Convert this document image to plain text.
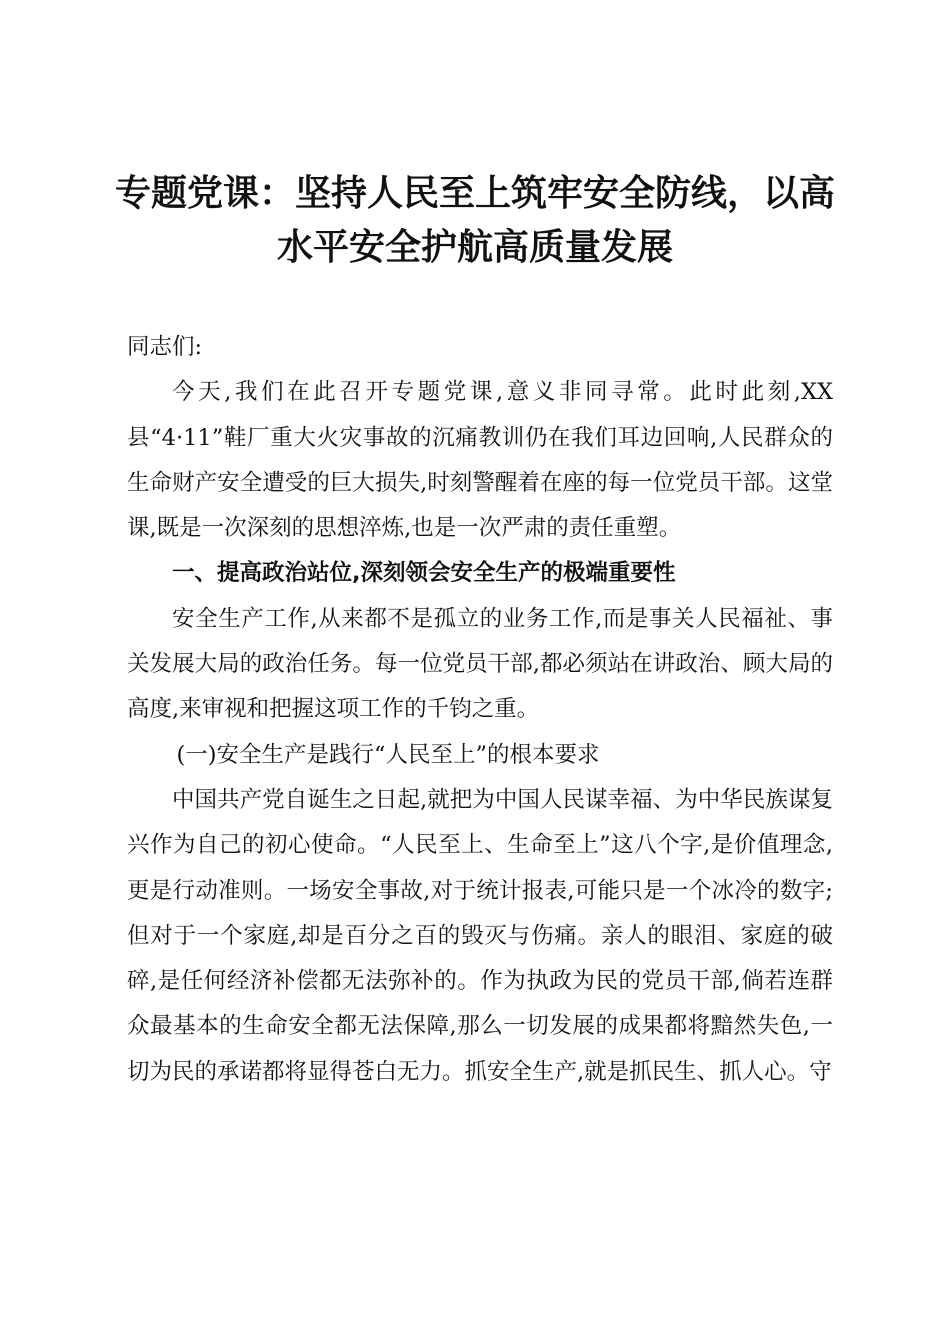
专题党课：坚持人民至上筑牢安全防线，以高
水平安全护航高质量发展

同志们:

今天,我们在此召开专题党课,意义非同寻常。此时此刻,XX县“4·11”鞋厂重大火灾事故的沉痛教训仍在我们耳边回响,人民群众的生命财产安全遭受的巨大损失,时刻警醒着在座的每一位党员干部。这堂课,既是一次深刻的思想淬炼,也是一次严肃的责任重塑。

一、提高政治站位,深刻领会安全生产的极端重要性

安全生产工作,从来都不是孤立的业务工作,而是事关人民福祉、事关发展大局的政治任务。每一位党员干部,都必须站在讲政治、顾大局的高度,来审视和把握这项工作的千钧之重。

(一)安全生产是践行“人民至上”的根本要求

中国共产党自诞生之日起,就把为中国人民谋幸福、为中华民族谋复兴作为自己的初心使命。“人民至上、生命至上”这八个字,是价值理念,更是行动准则。一场安全事故,对于统计报表,可能只是一个冰冷的数字;但对于一个家庭,却是百分之百的毁灭与伤痛。亲人的眼泪、家庭的破碎,是任何经济补偿都无法弥补的。作为执政为民的党员干部,倘若连群众最基本的生命安全都无法保障,那么一切发展的成果都将黯然失色,一切为民的承诺都将显得苍白无力。抓安全生产,就是抓民生、抓人心。守
